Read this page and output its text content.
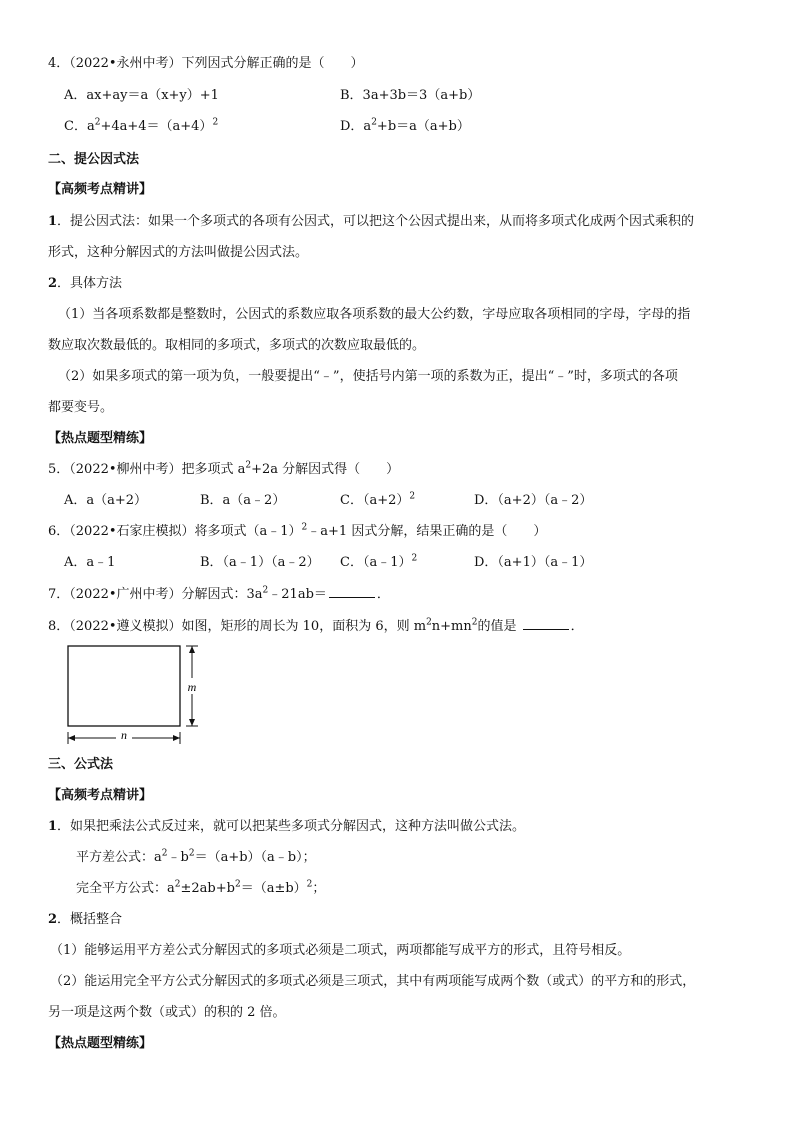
4．（2022•永州中考）下列因式分解正确的是（　　）
A．ax+ay＝a（x+y）+1	B．3a+3b＝3（a+b）
C．$a^2+4a+4=(a+4)^2$	D．$a^2+b=a(a+b)$
二、提公因式法
【高频考点精讲】
1．提公因式法：如果一个多项式的各项有公因式，可以把这个公因式提出来，从而将多项式化成两个因式乘积的
形式，这种分解因式的方法叫做提公因式法。
2．具体方法
（1）当各项系数都是整数时，公因式的系数应取各项系数的最大公约数，字母应取各项相同的字母，字母的指
数应取次数最低的。取相同的多项式，多项式的次数应取最低的。
（2）如果多项式的第一项为负，一般要提出“﹣”，使括号内第一项的系数为正，提出“﹣”时，多项式的各项
都要变号。
【热点题型精练】
5．（2022•柳州中考）把多项式 $a^2+2a$ 分解因式得（　　）
A．a（a+2）	B．a（a﹣2）	C．$(a+2)^2$	D．（a+2）（a﹣2）
6．（2022•石家庄模拟）将多项式（a﹣1）$^2$﹣a+1 因式分解，结果正确的是（　　）
A．a﹣1	B．（a﹣1）（a﹣2） C．（a﹣1）$^2$	D．（a+1）（a﹣1）
7．（2022•广州中考）分解因式：$3a^2﹣21ab=$	．
8．（2022•遵义模拟）如图，矩形的周长为 10，面积为 6，则 $m^2n+mn^2$的值是	．
m
n
三、公式法
【高频考点精讲】
1．如果把乘法公式反过来，就可以把某些多项式分解因式，这种方法叫做公式法。
平方差公式：$a^2﹣b^2=(a+b)(a﹣b)$；
完全平方公式：$a^2\pm 2ab+b^2=(a\pm b)^2$；
2．概括整合
（1）能够运用平方差公式分解因式的多项式必须是二项式，两项都能写成平方的形式，且符号相反。
（2）能运用完全平方公式分解因式的多项式必须是三项式，其中有两项能写成两个数（或式）的平方和的形式，
另一项是这两个数（或式）的积的 2 倍。
【热点题型精练】
